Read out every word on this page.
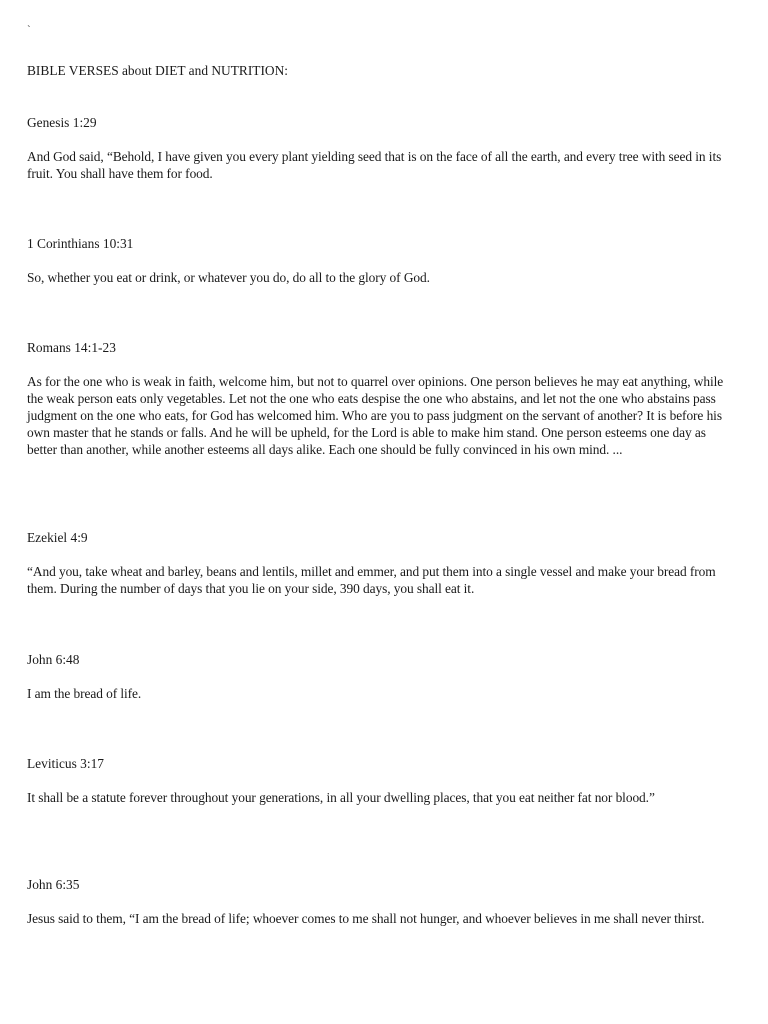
`
BIBLE VERSES about DIET and NUTRITION:
Genesis 1:29
And God said, “Behold, I have given you every plant yielding seed that is on the face of all the earth, and every tree with seed in its fruit. You shall have them for food.
1 Corinthians 10:31
So, whether you eat or drink, or whatever you do, do all to the glory of God.
Romans 14:1-23
As for the one who is weak in faith, welcome him, but not to quarrel over opinions. One person believes he may eat anything, while the weak person eats only vegetables. Let not the one who eats despise the one who abstains, and let not the one who abstains pass judgment on the one who eats, for God has welcomed him. Who are you to pass judgment on the servant of another? It is before his own master that he stands or falls. And he will be upheld, for the Lord is able to make him stand. One person esteems one day as better than another, while another esteems all days alike. Each one should be fully convinced in his own mind. ...
Ezekiel 4:9
“And you, take wheat and barley, beans and lentils, millet and emmer, and put them into a single vessel and make your bread from them. During the number of days that you lie on your side, 390 days, you shall eat it.
John 6:48
I am the bread of life.
Leviticus 3:17
It shall be a statute forever throughout your generations, in all your dwelling places, that you eat neither fat nor blood.”
John 6:35
Jesus said to them, “I am the bread of life; whoever comes to me shall not hunger, and whoever believes in me shall never thirst.
